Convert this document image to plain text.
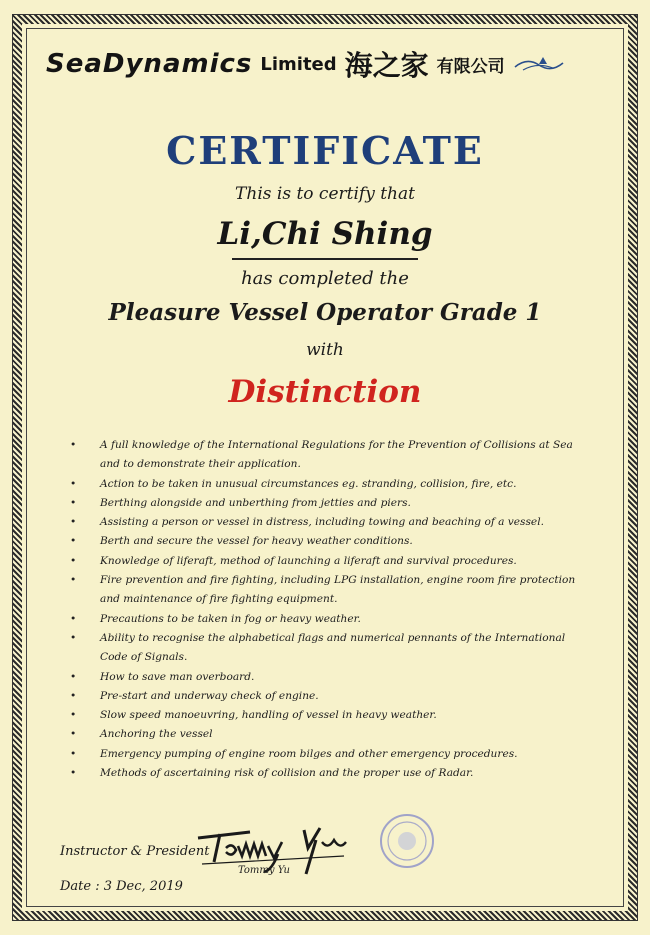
SeaDynamics Limited 海之家 有限公司
CERTIFICATE
This is to certify that
Li,Chi Shing
has completed the
Pleasure Vessel Operator Grade 1
with
Distinction
• A full knowledge of the International Regulations for the Prevention of Collisions at Sea and to demonstrate their application.
• Action to be taken in unusual circumstances eg. stranding, collision, fire, etc.
• Berthing alongside and unberthing from jetties and piers.
• Assisting a person or vessel in distress, including towing and beaching of a vessel.
• Berth and secure the vessel for heavy weather conditions.
• Knowledge of liferaft, method of launching a liferaft and survival procedures.
• Fire prevention and fire fighting, including LPG installation, engine room fire protection and maintenance of fire fighting equipment.
• Precautions to be taken in fog or heavy weather.
• Ability to recognise the alphabetical flags and numerical pennants of the International Code of Signals.
• How to save man overboard.
• Pre-start and underway check of engine.
• Slow speed manoeuvring, handling of vessel in heavy weather.
• Anchoring the vessel
• Emergency pumping of engine room bilges and other emergency procedures.
• Methods of ascertaining risk of collision and the proper use of Radar.
Instructor & President :
Tommy Yu
Date : 3 Dec, 2019
